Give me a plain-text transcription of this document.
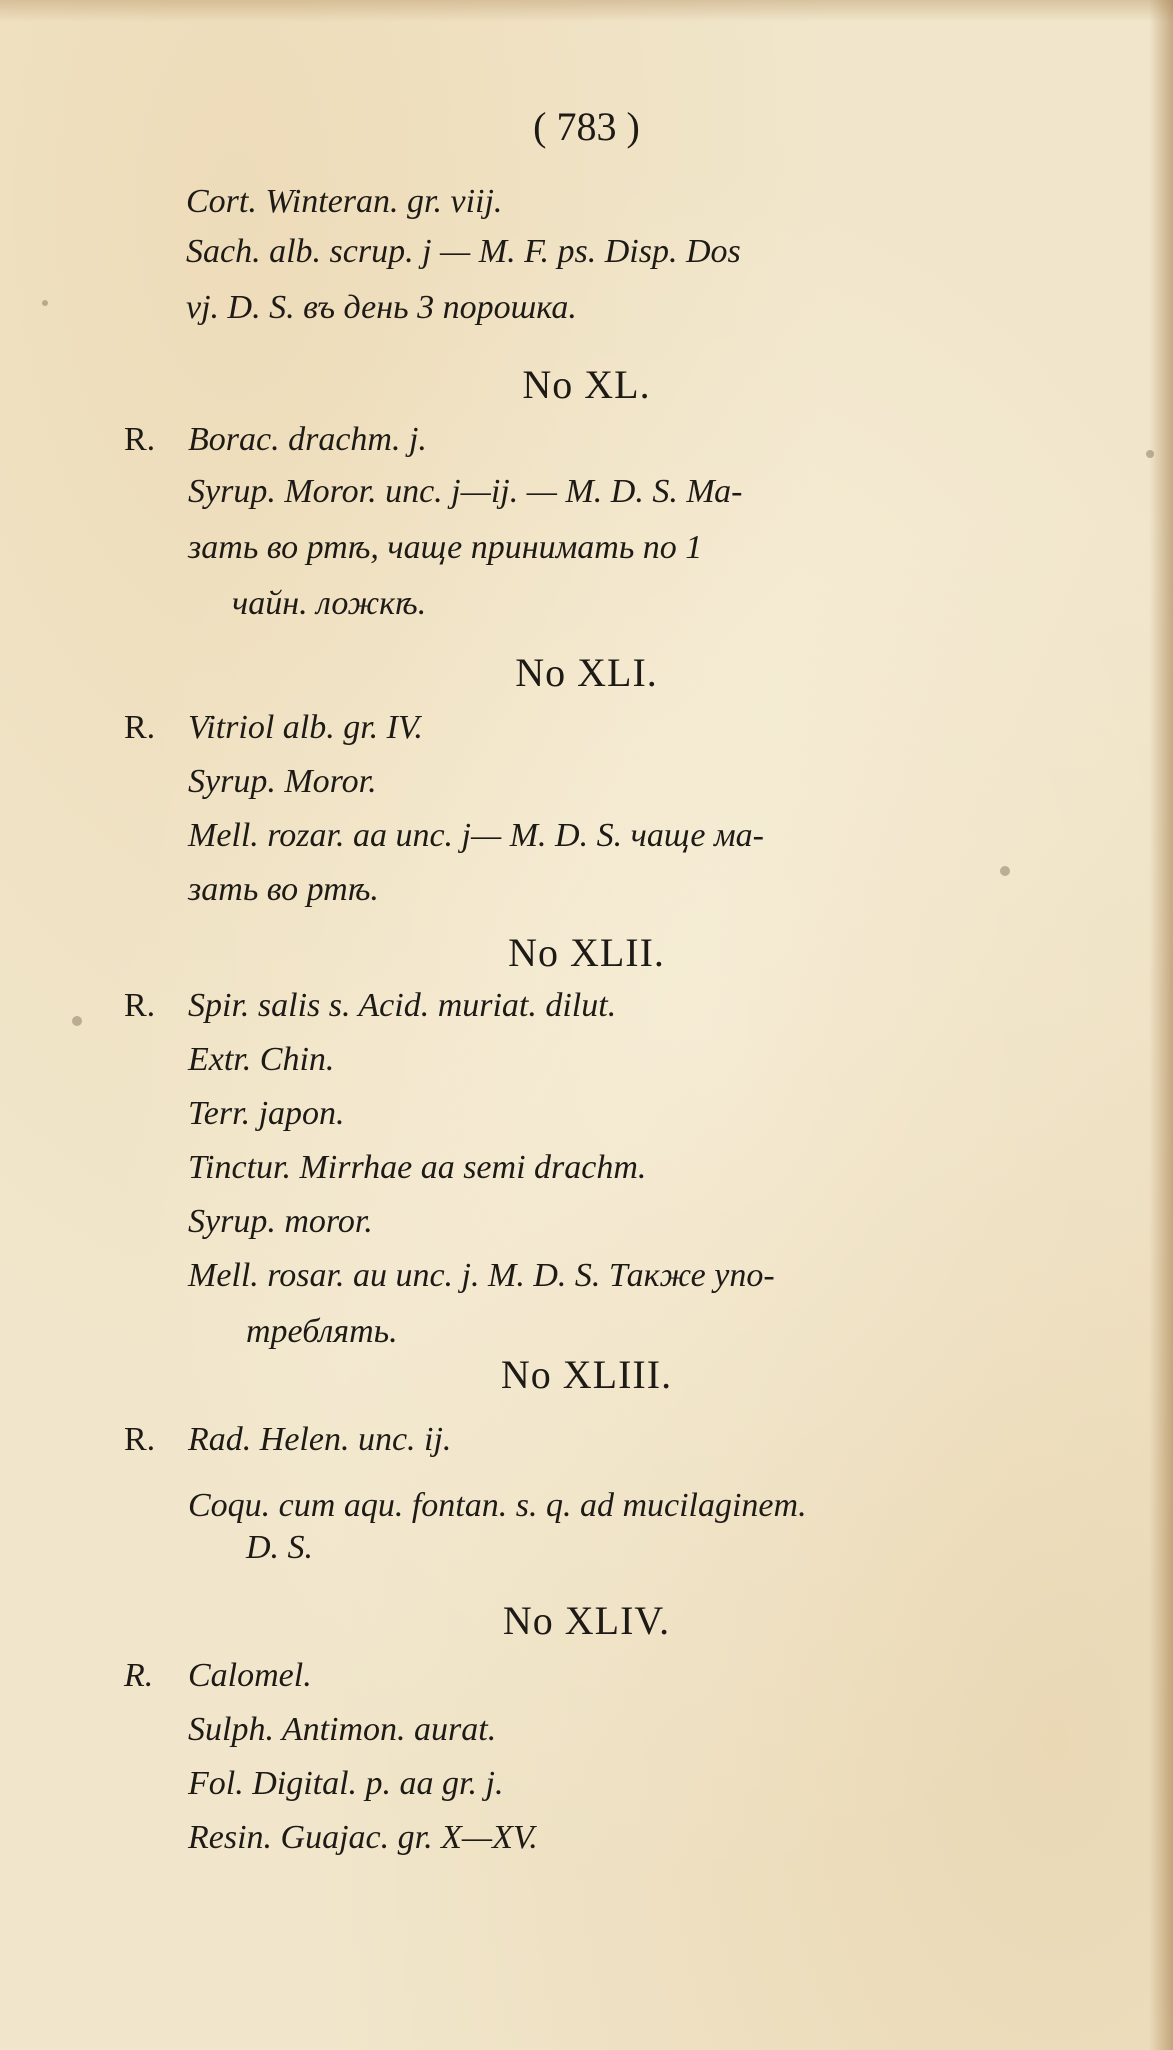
( 783 )
Cort. Winteran. gr. viij.
Sach. alb. scrup. j — M. F. ps. Disp. Dos
vj. D. S. въ день 3 порошка.
No XL.
R. Borac. drachm. j.
Syrup. Moror. unc. j—ij. — M. D. S. Ма-
зать во ртѣ, чаще принимать по 1
чайн. ложкѣ.
No XLI.
R. Vitriol alb. gr. IV.
Syrup. Moror.
Mell. rozar. aa unc. j— M. D. S. чаще ма-
зать во ртѣ.
No XLII.
R. Spir. salis s. Acid. muriat. dilut.
Extr. Chin.
Terr. japon.
Tinctur. Mirrhae aa semi drachm.
Syrup. moror.
Mell. rosar. au unc. j. M. D. S. Также упо-
треблять.
No XLIII.
R. Rad. Helen. unc. ij.
Coqu. cum aqu. fontan. s. q. ad mucilaginem.
D. S.
No XLIV.
R. Calomel.
Sulph. Antimon. aurat.
Fol. Digital. p. aa gr. j.
Resin. Guajac. gr. X—XV.
